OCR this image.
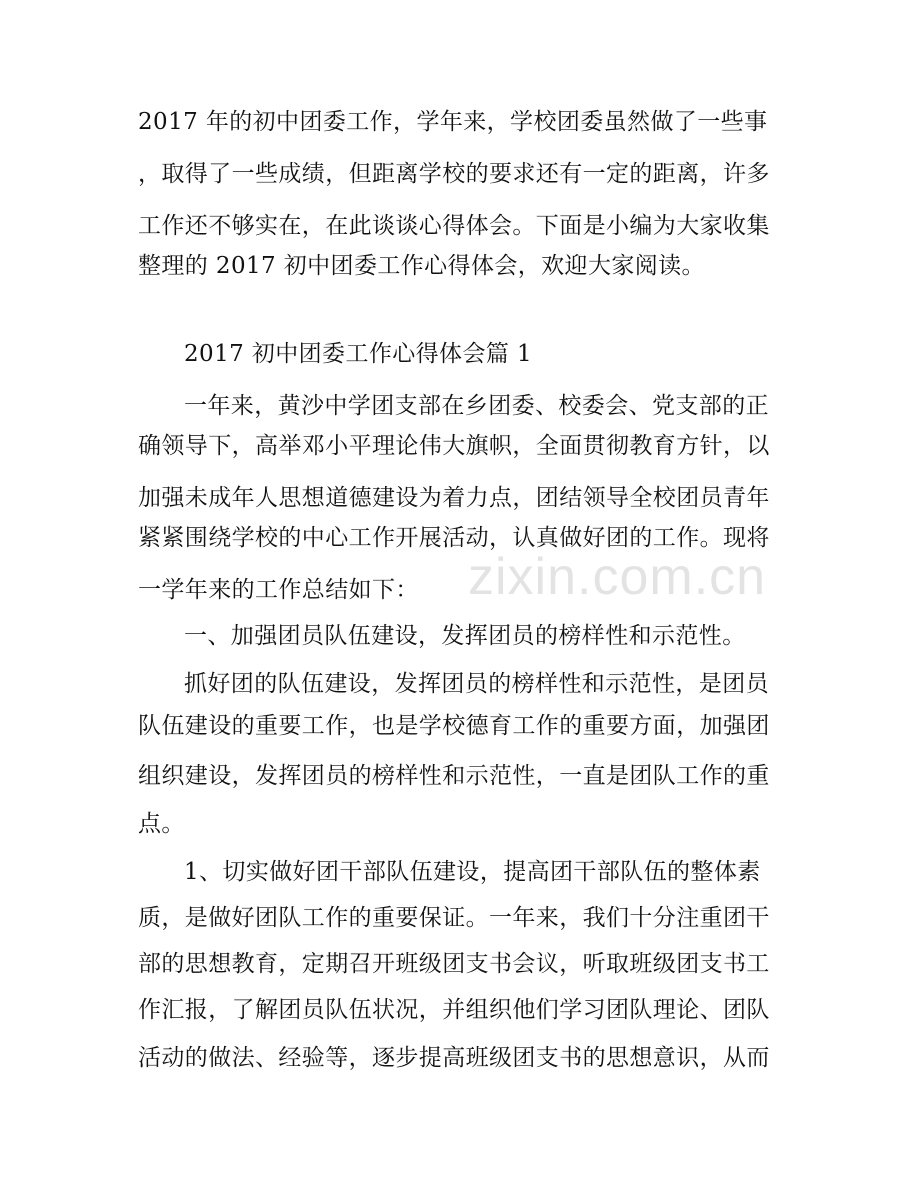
2017 年的初中团委工作，学年来，学校团委虽然做了一些事
，取得了一些成绩，但距离学校的要求还有一定的距离，许多
工作还不够实在，在此谈谈心得体会。下面是小编为大家收集
整理的 2017 初中团委工作心得体会，欢迎大家阅读。
2017 初中团委工作心得体会篇 1
一年来，黄沙中学团支部在乡团委、校委会、党支部的正
确领导下，高举邓小平理论伟大旗帜，全面贯彻教育方针，以
加强未成年人思想道德建设为着力点，团结领导全校团员青年
紧紧围绕学校的中心工作开展活动，认真做好团的工作。现将
一学年来的工作总结如下：
一、加强团员队伍建设，发挥团员的榜样性和示范性。
抓好团的队伍建设，发挥团员的榜样性和示范性，是团员
队伍建设的重要工作，也是学校德育工作的重要方面，加强团
组织建设，发挥团员的榜样性和示范性，一直是团队工作的重
点。
1、切实做好团干部队伍建设，提高团干部队伍的整体素
质，是做好团队工作的重要保证。一年来，我们十分注重团干
部的思想教育，定期召开班级团支书会议，听取班级团支书工
作汇报，了解团员队伍状况，并组织他们学习团队理论、团队
活动的做法、经验等，逐步提高班级团支书的思想意识，从而
zixin.com.cn
